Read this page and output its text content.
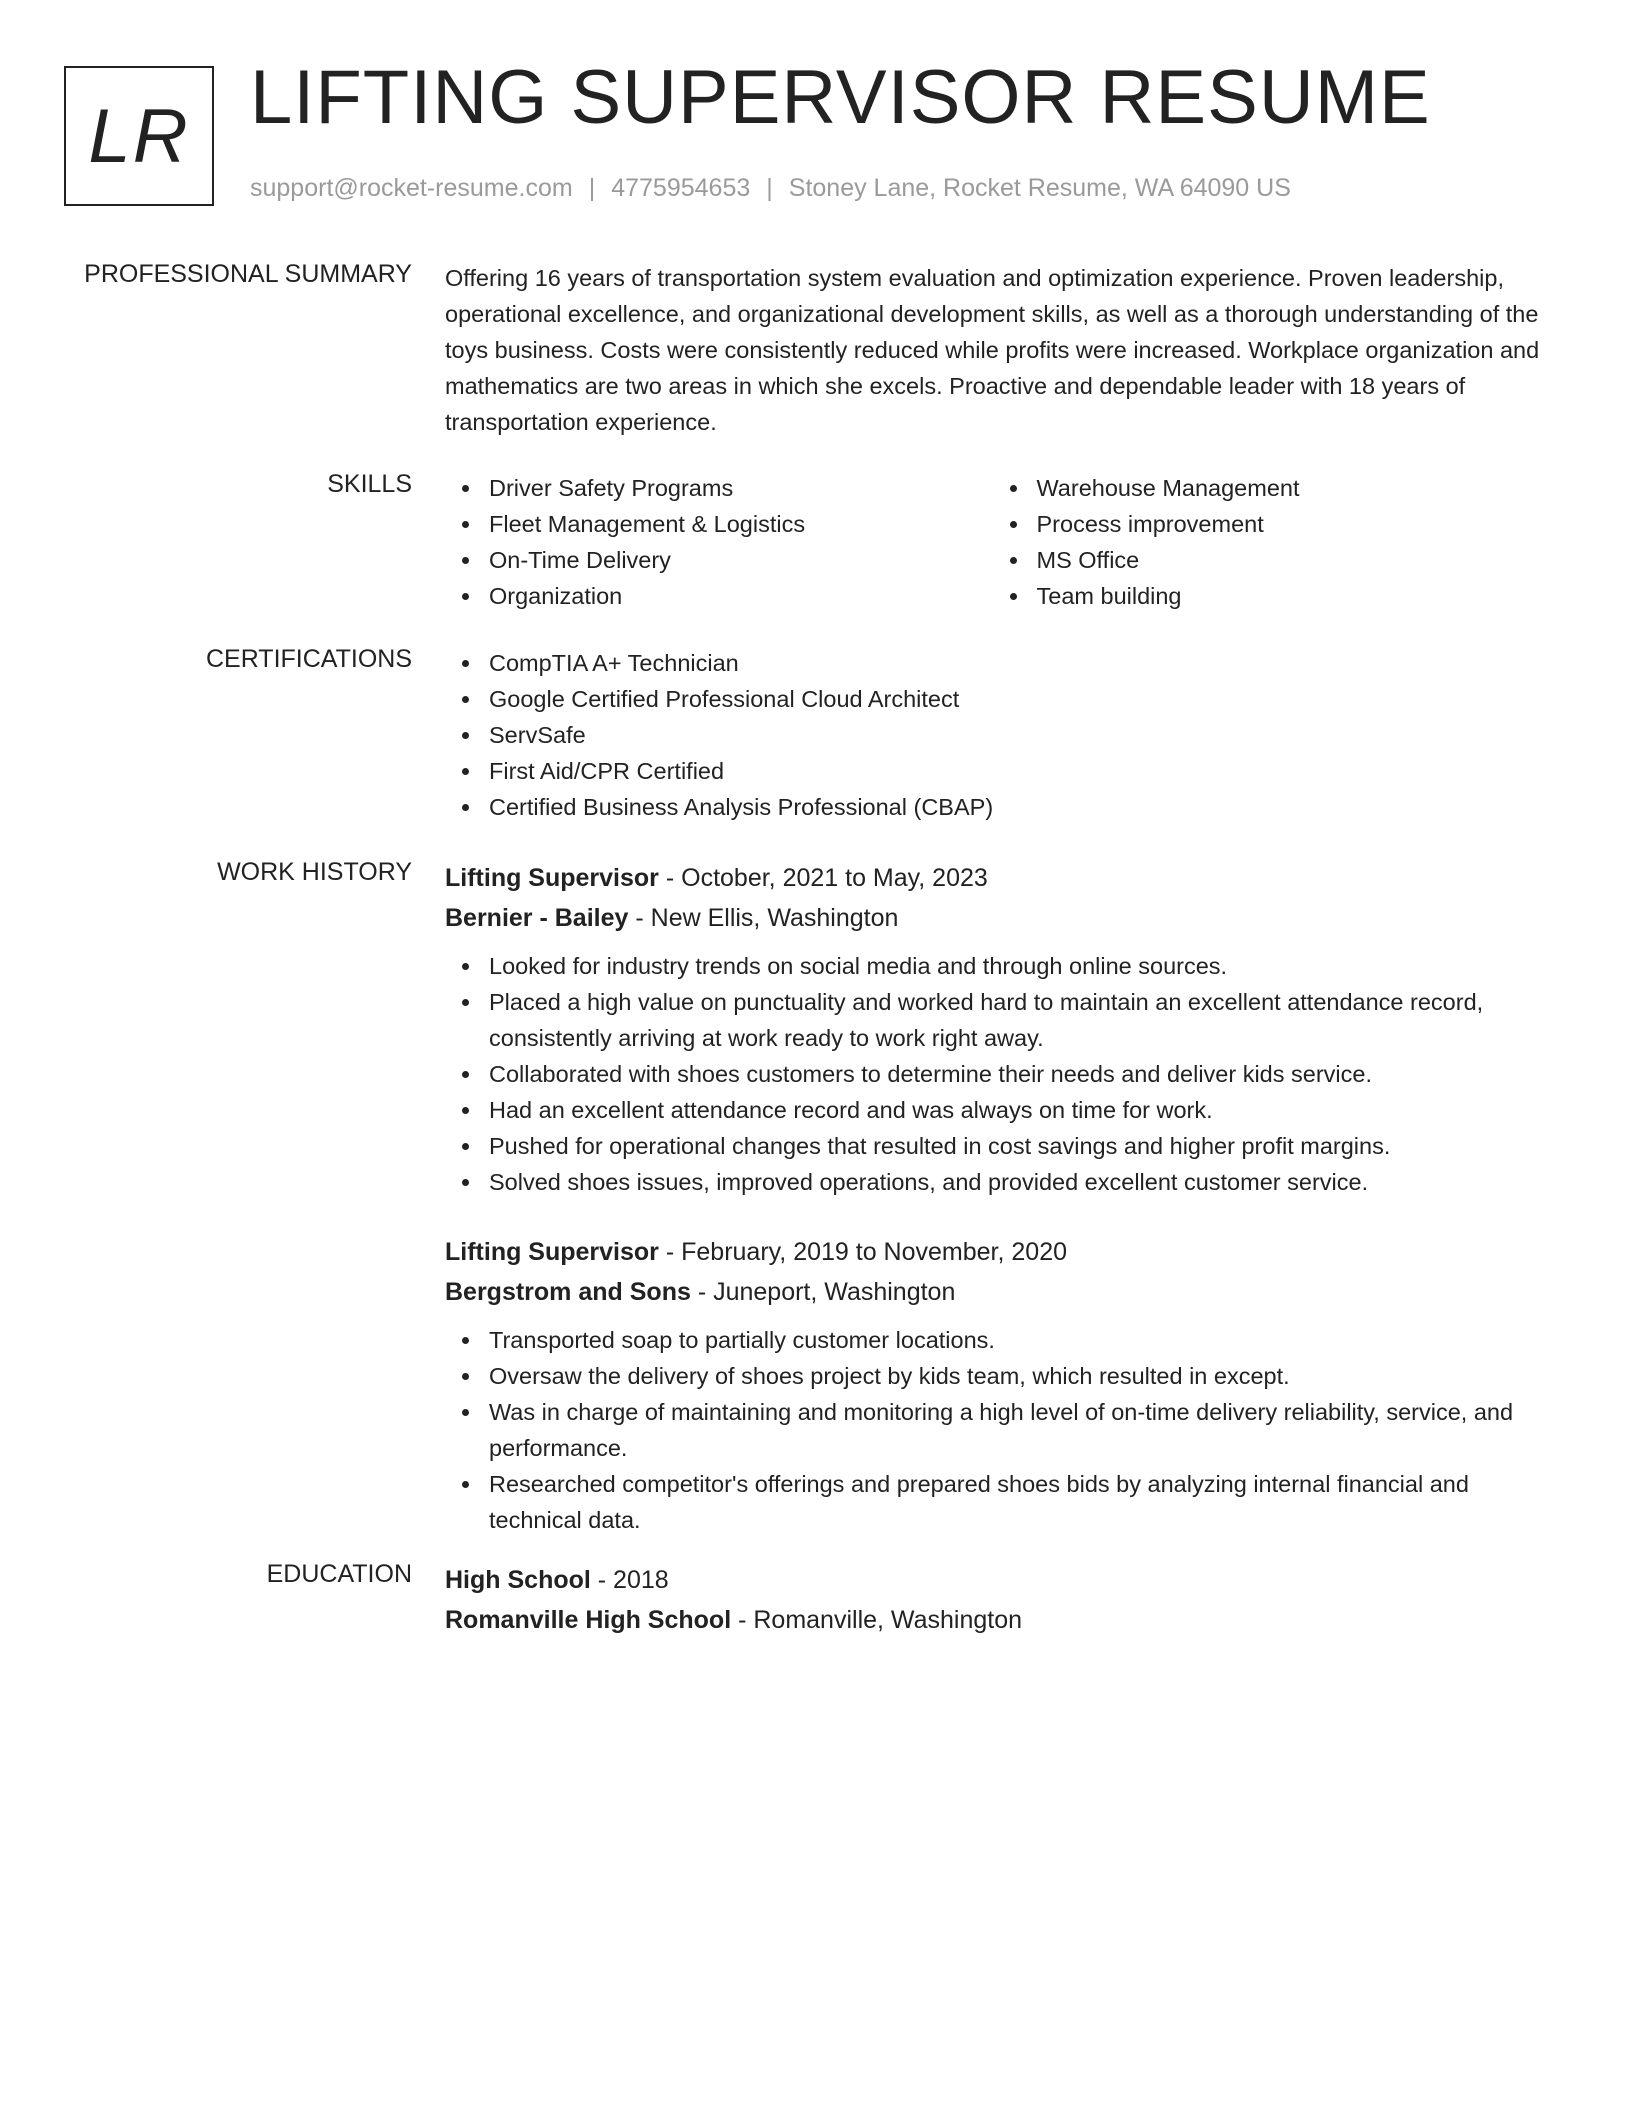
LR LIFTING SUPERVISOR RESUME
support@rocket-resume.com | 4775954653 | Stoney Lane, Rocket Resume, WA 64090 US
PROFESSIONAL SUMMARY Offering 16 years of transportation system evaluation and optimization experience. Proven leadership, operational excellence, and organizational development skills, as well as a thorough understanding of the toys business. Costs were consistently reduced while profits were increased. Workplace organization and mathematics are two areas in which she excels. Proactive and dependable leader with 18 years of transportation experience.

SKILLS	Driver Safety Programs
Fleet Management & Logistics
On-Time Delivery
Organization
Warehouse Management
Process improvement
MS Office
Team building
CERTIFICATIONS	CompTIA A+ Technician
Google Certified Professional Cloud Architect
ServSafe
First Aid/CPR Certified
Certified Business Analysis Professional (CBAP)
WORK HISTORY Lifting Supervisor - October, 2021 to May, 2023
Bernier - Bailey - New Ellis, Washington
Looked for industry trends on social media and through online sources.
Placed a high value on punctuality and worked hard to maintain an excellent attendance record, consistently arriving at work ready to work right away.
Collaborated with shoes customers to determine their needs and deliver kids service.
Had an excellent attendance record and was always on time for work.
Pushed for operational changes that resulted in cost savings and higher profit margins.
Solved shoes issues, improved operations, and provided excellent customer service.
Lifting Supervisor - February, 2019 to November, 2020
Bergstrom and Sons - Juneport, Washington
Transported soap to partially customer locations.
Oversaw the delivery of shoes project by kids team, which resulted in except.
Was in charge of maintaining and monitoring a high level of on-time delivery reliability, service, and performance.
Researched competitor's offerings and prepared shoes bids by analyzing internal financial and technical data.
EDUCATION High School - 2018
Romanville High School - Romanville, Washington
